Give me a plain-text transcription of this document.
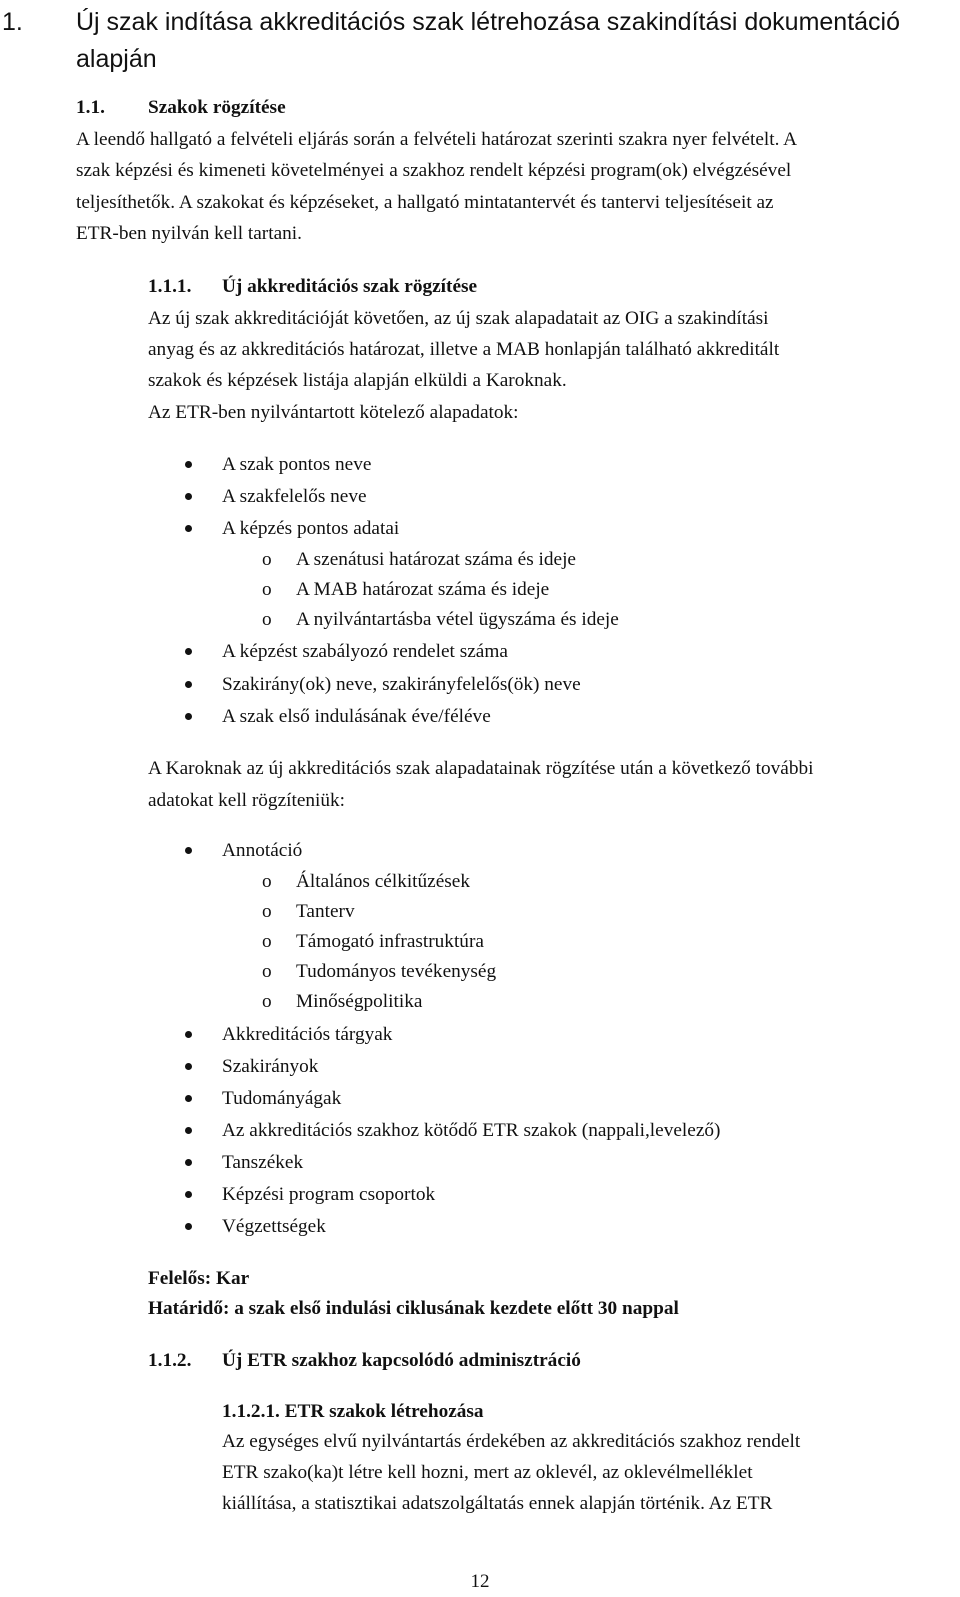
1. Új szak indítása akkreditációs szak létrehozása szakindítási dokumentáció alapján
1.1. Szakok rögzítése
A leendő hallgató a felvételi eljárás során a felvételi határozat szerinti szakra nyer felvételt. A
szak képzési és kimeneti követelményei a szakhoz rendelt képzési program(ok) elvégzésével
teljesíthetők. A szakokat és képzéseket, a hallgató mintatantervét és tantervi teljesítéseit az
ETR-ben nyilván kell tartani.
1.1.1. Új akkreditációs szak rögzítése
Az új szak akkreditációját követően, az új szak alapadatait az OIG a szakindítási
anyag és az akkreditációs határozat, illetve a MAB honlapján található akkreditált
szakok és képzések listája alapján elküldi a Karoknak.
Az ETR-ben nyilvántartott kötelező alapadatok:
A szak pontos neve
A szakfelelős neve
A képzés pontos adatai
o A szenátusi határozat száma és ideje
o A MAB határozat száma és ideje
o A nyilvántartásba vétel ügyszáma és ideje
A képzést szabályozó rendelet száma
Szakirány(ok) neve, szakirányfelelős(ök) neve
A szak első indulásának éve/féléve
A Karoknak az új akkreditációs szak alapadatainak rögzítése után a következő további
adatokat kell rögzíteniük:
Annotáció
o Általános célkitűzések
o Tanterv
o Támogató infrastruktúra
o Tudományos tevékenység
o Minőségpolitika
Akkreditációs tárgyak
Szakirányok
Tudományágak
Az akkreditációs szakhoz kötődő ETR szakok (nappali,levelező)
Tanszékek
Képzési program csoportok
Végzettségek
Felelős: Kar
Határidő: a szak első indulási ciklusának kezdete előtt 30 nappal
1.1.2. Új ETR szakhoz kapcsolódó adminisztráció
1.1.2.1. ETR szakok létrehozása
Az egységes elvű nyilvántartás érdekében az akkreditációs szakhoz rendelt
ETR szako(ka)t létre kell hozni, mert az oklevél, az oklevélmelléklet
kiállítása, a statisztikai adatszolgáltatás ennek alapján történik. Az ETR
12
